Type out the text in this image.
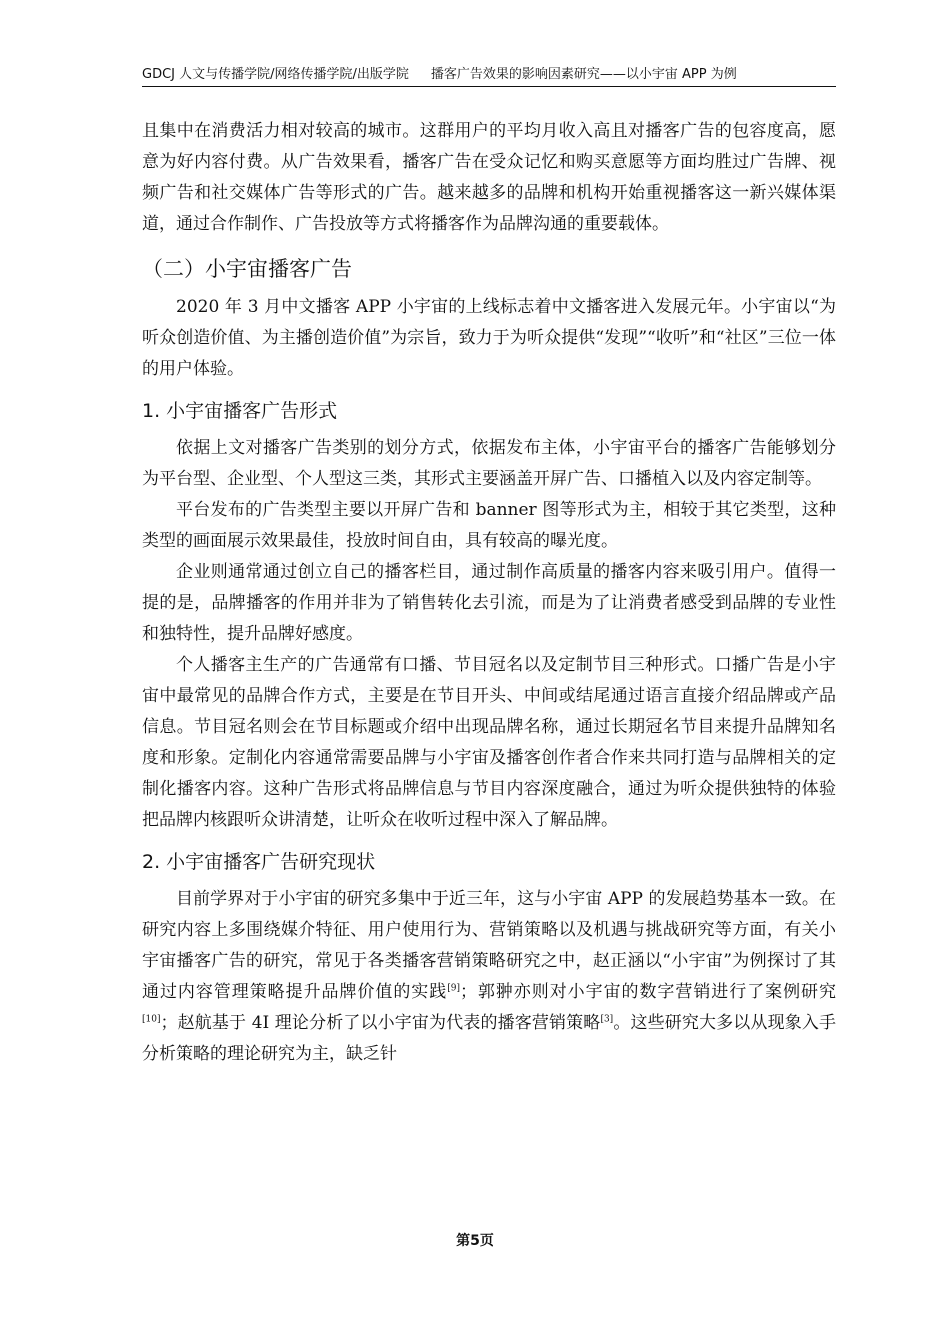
GDCJ 人文与传播学院/网络传播学院/出版学院 播客广告效果的影响因素研究——以小宇宙 APP 为例

且集中在消费活力相对较高的城市。这群用户的平均月收入高且对播客广告的包容度高，愿意为好内容付费。从广告效果看，播客广告在受众记忆和购买意愿等方面均胜过广告牌、视频广告和社交媒体广告等形式的广告。越来越多的品牌和机构开始重视播客这一新兴媒体渠道，通过合作制作、广告投放等方式将播客作为品牌沟通的重要载体。

（二）小宇宙播客广告

2020 年 3 月中文播客 APP 小宇宙的上线标志着中文播客进入发展元年。小宇宙以“为听众创造价值、为主播创造价值”为宗旨，致力于为听众提供“发现”“收听”和“社区”三位一体的用户体验。

1. 小宇宙播客广告形式

依据上文对播客广告类别的划分方式，依据发布主体，小宇宙平台的播客广告能够划分为平台型、企业型、个人型这三类，其形式主要涵盖开屏广告、口播植入以及内容定制等。

平台发布的广告类型主要以开屏广告和 banner 图等形式为主，相较于其它类型，这种类型的画面展示效果最佳，投放时间自由，具有较高的曝光度。

企业则通常通过创立自己的播客栏目，通过制作高质量的播客内容来吸引用户。值得一提的是，品牌播客的作用并非为了销售转化去引流，而是为了让消费者感受到品牌的专业性和独特性，提升品牌好感度。

个人播客主生产的广告通常有口播、节目冠名以及定制节目三种形式。口播广告是小宇宙中最常见的品牌合作方式，主要是在节目开头、中间或结尾通过语言直接介绍品牌或产品信息。节目冠名则会在节目标题或介绍中出现品牌名称，通过长期冠名节目来提升品牌知名度和形象。定制化内容通常需要品牌与小宇宙及播客创作者合作来共同打造与品牌相关的定制化播客内容。这种广告形式将品牌信息与节目内容深度融合，通过为听众提供独特的体验把品牌内核跟听众讲清楚，让听众在收听过程中深入了解品牌。

2. 小宇宙播客广告研究现状

目前学界对于小宇宙的研究多集中于近三年，这与小宇宙 APP 的发展趋势基本一致。在研究内容上多围绕媒介特征、用户使用行为、营销策略以及机遇与挑战研究等方面，有关小宇宙播客广告的研究，常见于各类播客营销策略研究之中，赵正涵以“小宇宙”为例探讨了其通过内容管理策略提升品牌价值的实践[9]；郭翀亦则对小宇宙的数字营销进行了案例研究[10]；赵航基于 4I 理论分析了以小宇宙为代表的播客营销策略[3]。这些研究大多以从现象入手分析策略的理论研究为主，缺乏针

第5页
